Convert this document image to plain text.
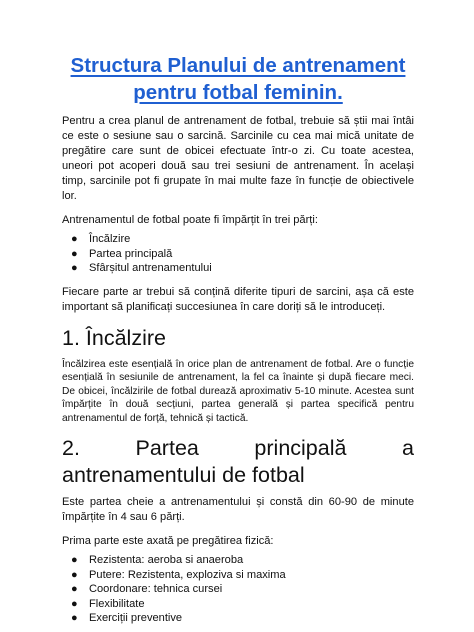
Structura Planului de antrenament pentru fotbal feminin.

Pentru a crea planul de antrenament de fotbal, trebuie să știi mai întâi ce este o sesiune sau o sarcină. Sarcinile cu cea mai mică unitate de pregătire care sunt de obicei efectuate într-o zi. Cu toate acestea, uneori pot acoperi două sau trei sesiuni de antrenament. În același timp, sarcinile pot fi grupate în mai multe faze în funcție de obiectivele lor.

Antrenamentul de fotbal poate fi împărțit în trei părți:

● Încălzire
● Partea principală
● Sfârșitul antrenamentului

Fiecare parte ar trebui să conțină diferite tipuri de sarcini, așa că este important să planificați succesiunea în care doriți să le introduceți.

1. Încălzire

Încălzirea este esențială în orice plan de antrenament de fotbal. Are o funcție esențială în sesiunile de antrenament, la fel ca înainte și după fiecare meci. De obicei, încălzirile de fotbal durează aproximativ 5-10 minute. Acestea sunt împărțite în două secțiuni, partea generală și partea specifică pentru antrenamentul de forță, tehnică și tactică.

2. Partea principală a antrenamentului de fotbal

Este partea cheie a antrenamentului și constă din 60-90 de minute împărțite în 4 sau 6 părți.

Prima parte este axată pe pregătirea fizică:

● Rezistenta: aeroba si anaeroba
● Putere: Rezistenta, exploziva si maxima
● Coordonare: tehnica cursei
● Flexibilitate
● Exerciții preventive
